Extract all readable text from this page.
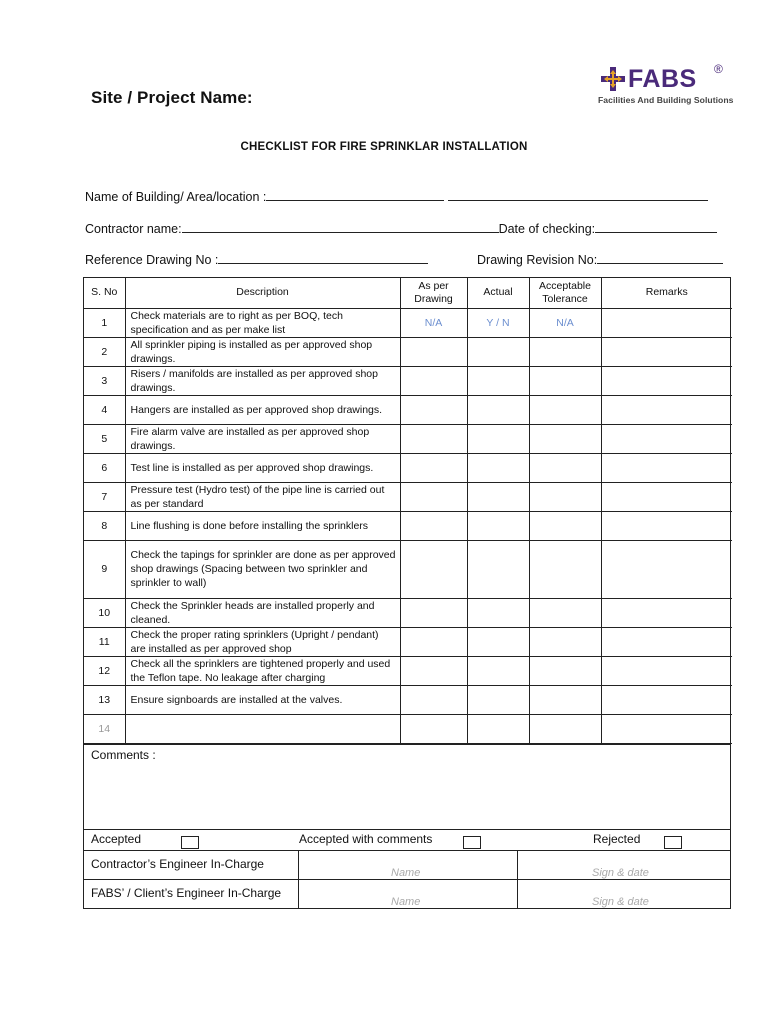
Site / Project Name:
FABS ®
Facilities And Building Solutions
CHECKLIST FOR FIRE SPRINKLAR INSTALLATION
Name of Building/ Area/location :
Contractor name:	Date of checking:
Reference Drawing No :	Drawing Revision No:
S. No	Description	As per Drawing	Actual	Acceptable Tolerance	Remarks
1	Check materials are to right as per BOQ, tech specification and as per make list	N/A	Y / N	N/A	
2	All sprinkler piping is installed as per approved shop drawings.				
3	Risers / manifolds are installed as per approved shop drawings.				
4	Hangers are installed as per approved shop drawings.				
5	Fire alarm valve are installed as per approved shop drawings.				
6	Test line is installed as per approved shop drawings.				
7	Pressure test (Hydro test) of the pipe line is carried out as per standard				
8	Line flushing is done before installing the sprinklers				
9	Check the tapings for sprinkler are done as per approved shop drawings (Spacing between two sprinkler and sprinkler to wall)				
10	Check the Sprinkler heads are installed properly and cleaned.				
11	Check the proper rating sprinklers (Upright / pendant) are installed as per approved shop				
12	Check all the sprinklers are tightened properly and used the Teflon tape. No leakage after charging				
13	Ensure signboards are installed at the valves.				
14					
Comments :
Accepted	Accepted with comments	Rejected
Contractor’s Engineer In-Charge
Name	Sign & date
FABS’ / Client’s Engineer In-Charge
Name	Sign & date
